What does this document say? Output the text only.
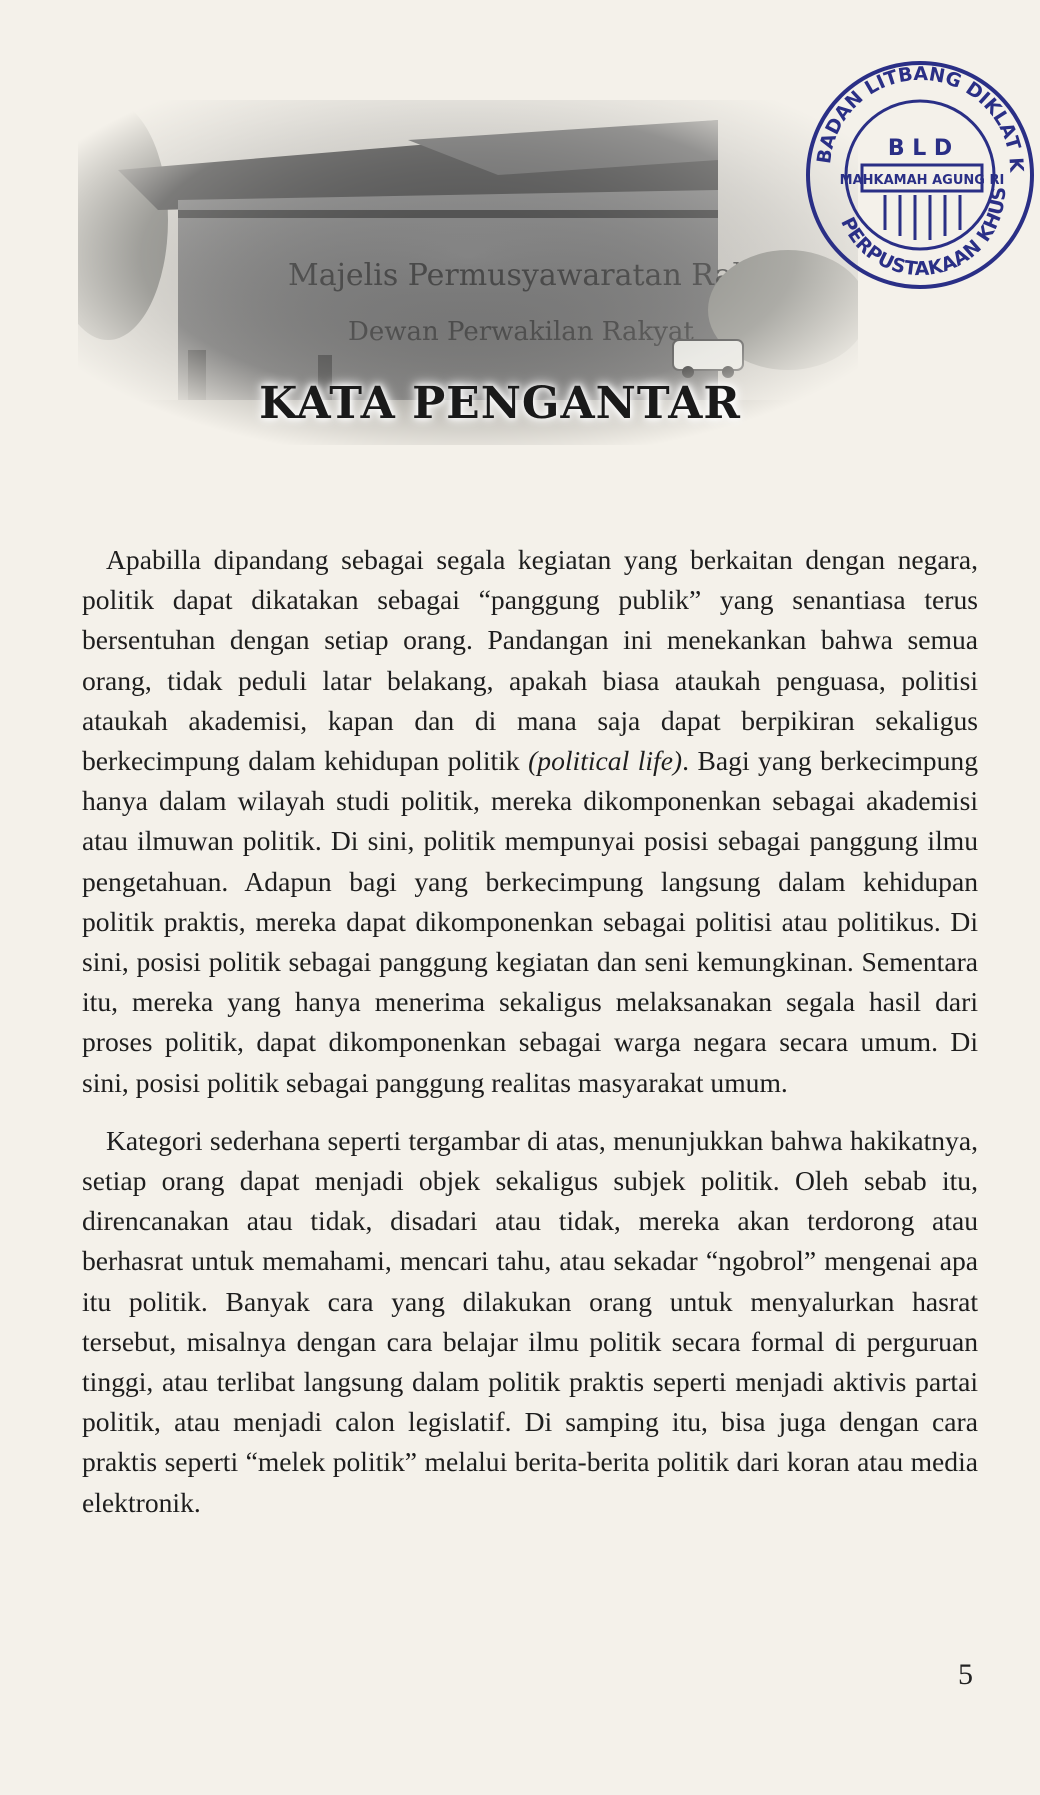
KATA PENGANTAR
BADAN LITBANG DIKLAT K
PERPUSTAKAAN KHUS
B L D
MAHKAMAH AGUNG RI

Apabilla dipandang sebagai segala kegiatan yang berkaitan dengan negara, politik dapat dikatakan sebagai “panggung publik” yang senantiasa terus bersentuhan dengan setiap orang. Pandangan ini menekankan bahwa semua orang, tidak peduli latar belakang, apakah biasa ataukah penguasa, politisi ataukah akademisi, kapan dan di mana saja dapat berpikiran sekaligus berkecimpung dalam kehidupan politik (political life). Bagi yang berkecimpung hanya dalam wilayah studi politik, mereka dikomponenkan sebagai akademisi atau ilmuwan politik. Di sini, politik mempunyai posisi sebagai panggung ilmu pengetahuan. Adapun bagi yang berkecimpung langsung dalam kehidupan politik praktis, mereka dapat dikomponenkan sebagai politisi atau politikus. Di sini, posisi politik sebagai panggung kegiatan dan seni kemungkinan. Sementara itu, mereka yang hanya menerima sekaligus melaksanakan segala hasil dari proses politik, dapat dikomponenkan sebagai warga negara secara umum. Di sini, posisi politik sebagai panggung realitas masyarakat umum.

Kategori sederhana seperti tergambar di atas, menunjukkan bahwa hakikatnya, setiap orang dapat menjadi objek sekaligus subjek politik. Oleh sebab itu, direncanakan atau tidak, disadari atau tidak, mereka akan terdorong atau berhasrat untuk memahami, mencari tahu, atau sekadar “ngobrol” mengenai apa itu politik. Banyak cara yang dilakukan orang untuk menyalurkan hasrat tersebut, misalnya dengan cara belajar ilmu politik secara formal di perguruan tinggi, atau terlibat langsung dalam politik praktis seperti menjadi aktivis partai politik, atau menjadi calon legislatif. Di samping itu, bisa juga dengan cara praktis seperti “melek politik” melalui berita-berita politik dari koran atau media elektronik.

5
